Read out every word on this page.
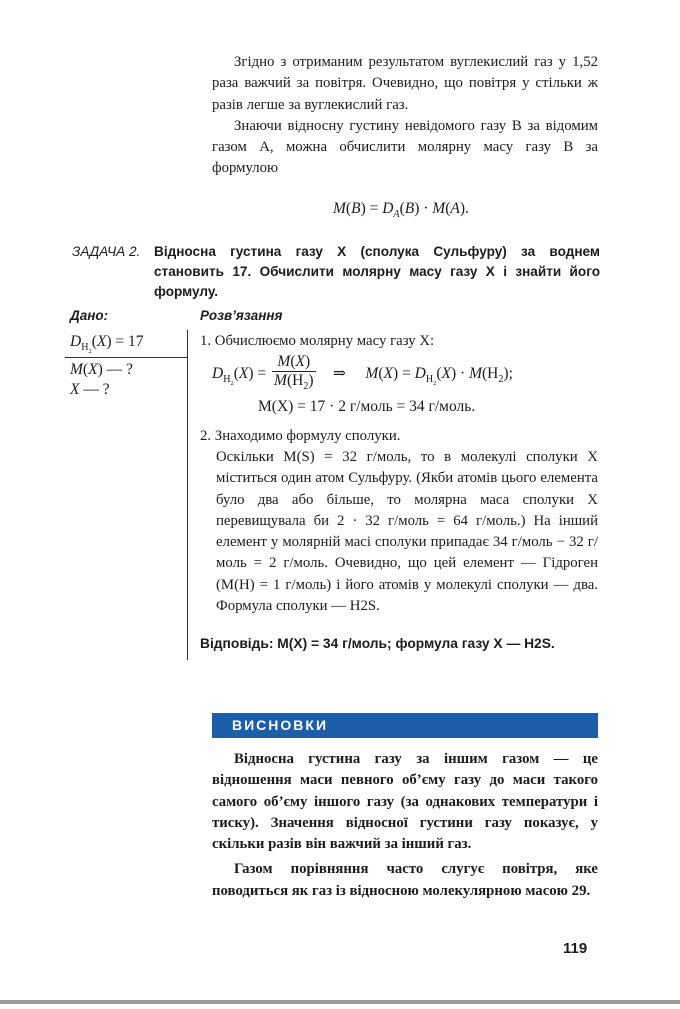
Згідно з отриманим результатом вуглекислий газ у 1,52 раза важчий за повітря. Очевидно, що повітря у стільки ж разів легше за вуглекислий газ.

Знаючи відносну густину невідомого газу B за відомим газом A, можна обчислити молярну масу газу B за формулою

$M(B) = D_A(B) \cdot M(A)$.
ЗАДАЧА 2. Відносна густина газу X (сполука Сульфуру) за воднем становить 17. Обчислити молярну масу газу X і знайти його формулу.
Дано:	Розв’язання
$D_{H_2}(X) = 17$
M(X) — ?
X — ?
1. Обчислюємо молярну масу газу X:
$D_{H_2}(X) = \frac{M(X)}{M(H_2)}$ ⇒     $M(X) = D_{H_2}(X) \cdot M(H_2)$;
M(X) = 17 · 2 г/моль = 34 г/моль.
2. Знаходимо формулу сполуки.

Оскільки M(S) = 32 г/моль, то в молекулі сполуки X міститься один атом Сульфуру. (Якби атомів цього елемента було два або більше, то молярна маса сполуки X перевищувала би 2 · 32 г/моль = 64 г/моль.) На інший елемент у молярній масі сполуки припадає 34 г/моль − 32 г/моль = 2 г/моль. Очевидно, що цей елемент — Гідроген (M(H) = 1 г/моль) і його атомів у молекулі сполуки — два. Формула сполуки — H2S.

Відповідь: M(X) = 34 г/моль; формула газу X — H2S.
ВИСНОВКИ

Відносна густина газу за іншим газом — це відношення маси певного об’єму газу до маси такого самого об’єму іншого газу (за однакових температури і тиску). Значення відносної густини газу показує, у скільки разів він важчий за інший газ.

Газом порівняння часто слугує повітря, яке поводиться як газ із відносною молекулярною масою 29.

119
